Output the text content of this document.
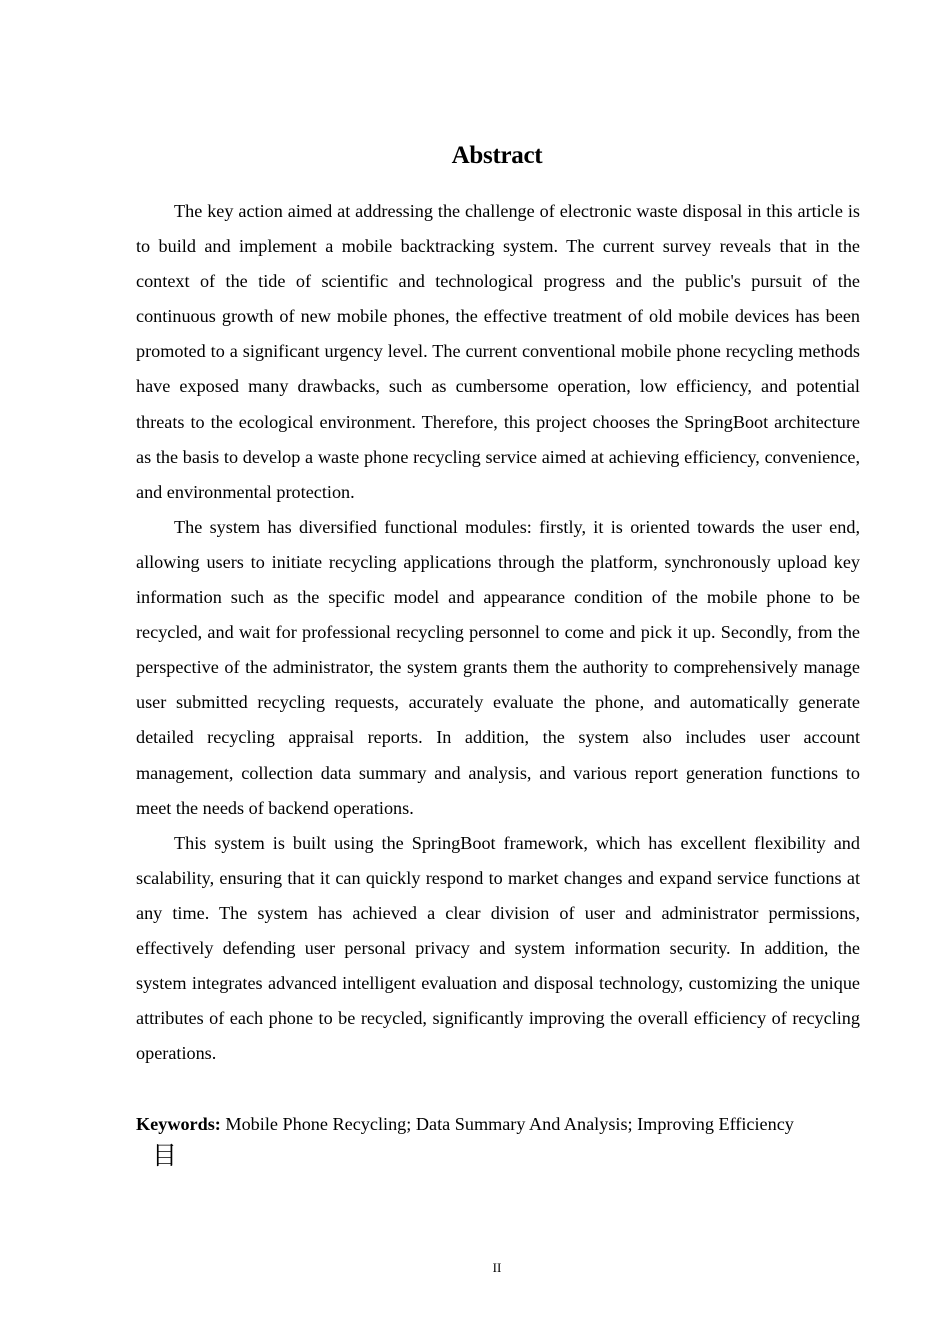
Abstract

The key action aimed at addressing the challenge of electronic waste disposal in this article is to build and implement a mobile backtracking system. The current survey reveals that in the context of the tide of scientific and technological progress and the public's pursuit of the continuous growth of new mobile phones, the effective treatment of old mobile devices has been promoted to a significant urgency level. The current conventional mobile phone recycling methods have exposed many drawbacks, such as cumbersome operation, low efficiency, and potential threats to the ecological environment. Therefore, this project chooses the SpringBoot architecture as the basis to develop a waste phone recycling service aimed at achieving efficiency, convenience, and environmental protection.

The system has diversified functional modules: firstly, it is oriented towards the user end, allowing users to initiate recycling applications through the platform, synchronously upload key information such as the specific model and appearance condition of the mobile phone to be recycled, and wait for professional recycling personnel to come and pick it up. Secondly, from the perspective of the administrator, the system grants them the authority to comprehensively manage user submitted recycling requests, accurately evaluate the phone, and automatically generate detailed recycling appraisal reports. In addition, the system also includes user account management, collection data summary and analysis, and various report generation functions to meet the needs of backend operations.

This system is built using the SpringBoot framework, which has excellent flexibility and scalability, ensuring that it can quickly respond to market changes and expand service functions at any time. The system has achieved a clear division of user and administrator permissions, effectively defending user personal privacy and system information security. In addition, the system integrates advanced intelligent evaluation and disposal technology, customizing the unique attributes of each phone to be recycled, significantly improving the overall efficiency of recycling operations.

Keywords: Mobile Phone Recycling; Data Summary And Analysis; Improving Efficiency

目
II
